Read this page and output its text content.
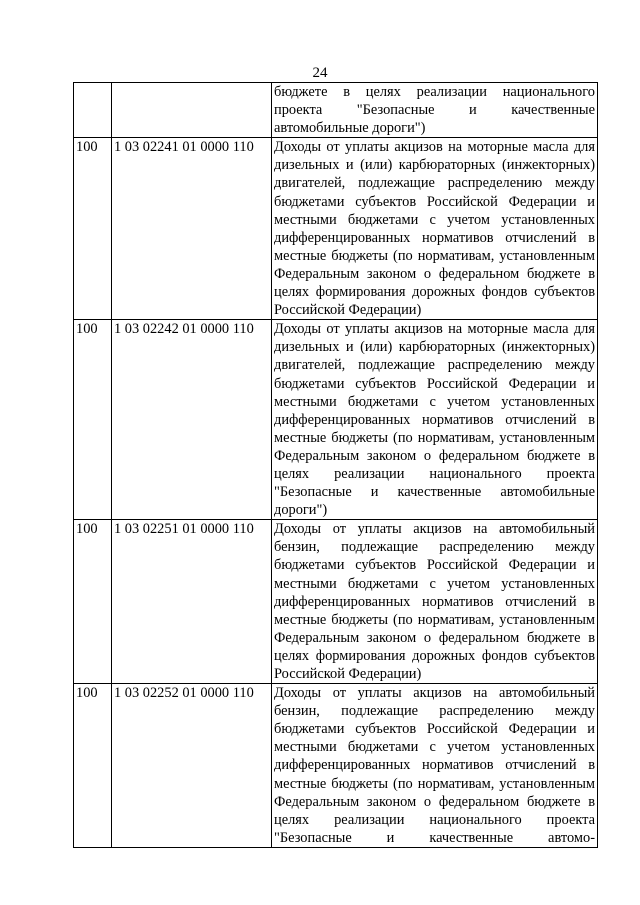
24
		бюджете в целях реализации национального проекта "Безопасные и качественные автомобильные дороги")
100	1 03 02241 01 0000 110	Доходы от уплаты акцизов на моторные масла для дизельных и (или) карбюраторных (инжекторных) двигателей, подлежащие распределению между бюджетами субъектов Российской Федерации и местными бюджетами с учетом установленных дифференцированных нормативов отчислений в местные бюджеты (по нормативам, установленным Федеральным законом о федеральном бюджете в целях формирования дорожных фондов субъектов Российской Федерации)
100	1 03 02242 01 0000 110	Доходы от уплаты акцизов на моторные масла для дизельных и (или) карбюраторных (инжекторных) двигателей, подлежащие распределению между бюджетами субъектов Российской Федерации и местными бюджетами с учетом установленных дифференцированных нормативов отчислений в местные бюджеты (по нормативам, установленным Федеральным законом о федеральном бюджете в целях реализации национального проекта "Безопасные и качественные автомобильные дороги")
100	1 03 02251 01 0000 110	Доходы от уплаты акцизов на автомобильный бензин, подлежащие распределению между бюджетами субъектов Российской Федерации и местными бюджетами с учетом установленных дифференцированных нормативов отчислений в местные бюджеты (по нормативам, установленным Федеральным законом о федеральном бюджете в целях формирования дорожных фондов субъектов Российской Федерации)
100	1 03 02252 01 0000 110	Доходы от уплаты акцизов на автомобильный бензин, подлежащие распределению между бюджетами субъектов Российской Федерации и местными бюджетами с учетом установленных дифференцированных нормативов отчислений в местные бюджеты (по нормативам, установленным Федеральным законом о федеральном бюджете в целях реализации национального проекта "Безопасные и качественные автомо-
